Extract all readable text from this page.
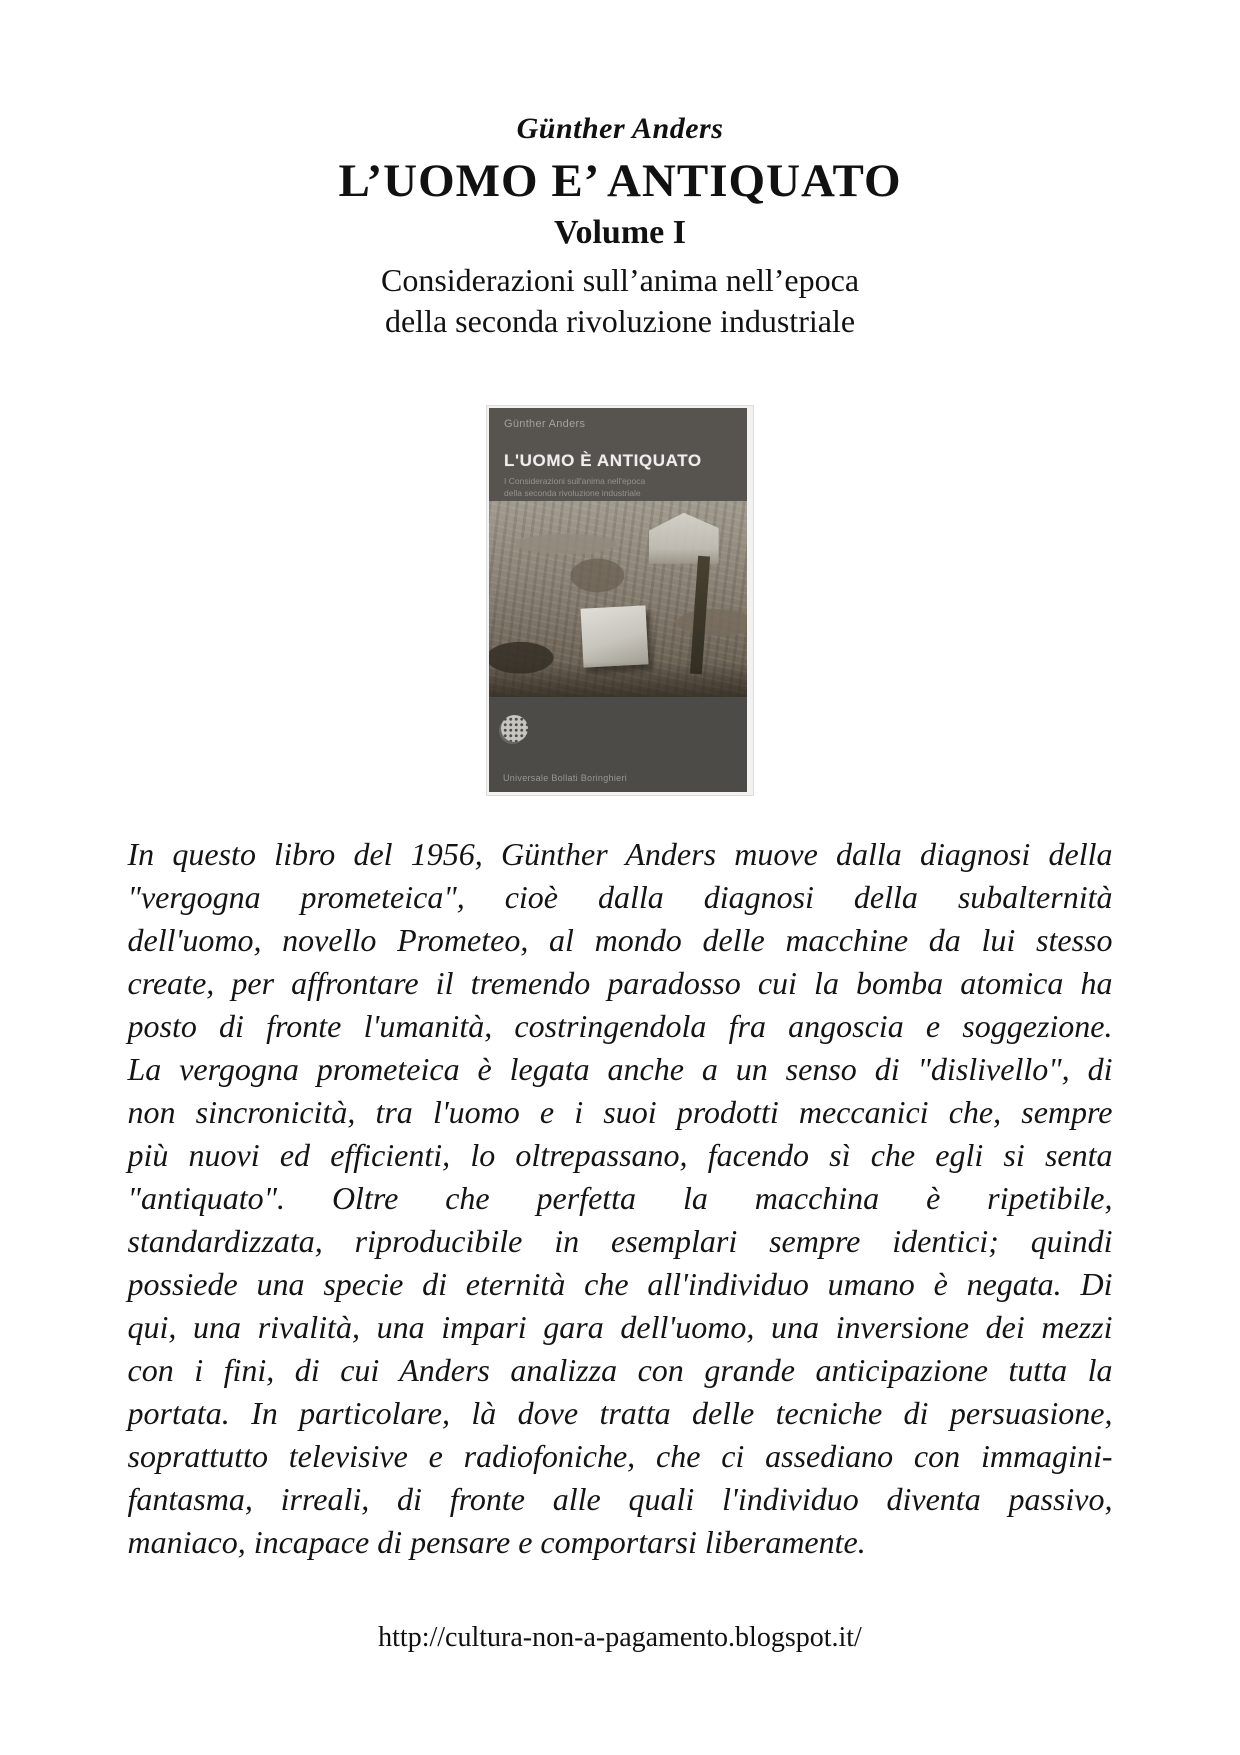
Günther Anders
L’UOMO E’ ANTIQUATO
Volume I
Considerazioni sull’anima nell’epoca
della seconda rivoluzione industriale
Günther Anders
L'UOMO È ANTIQUATO
I Considerazioni sull'anima nell'epoca
della seconda rivoluzione industriale
Universale Bollati Boringhieri
In questo libro del 1956, Günther Anders muove dalla diagnosi della
"vergogna prometeica", cioè dalla diagnosi della subalternità
dell'uomo, novello Prometeo, al mondo delle macchine da lui stesso
create, per affrontare il tremendo paradosso cui la bomba atomica ha
posto di fronte l'umanità, costringendola fra angoscia e soggezione.
La vergogna prometeica è legata anche a un senso di "dislivello", di
non sincronicità, tra l'uomo e i suoi prodotti meccanici che, sempre
più nuovi ed efficienti, lo oltrepassano, facendo sì che egli si senta
"antiquato". Oltre che perfetta la macchina è ripetibile,
standardizzata, riproducibile in esemplari sempre identici; quindi
possiede una specie di eternità che all'individuo umano è negata. Di
qui, una rivalità, una impari gara dell'uomo, una inversione dei mezzi
con i fini, di cui Anders analizza con grande anticipazione tutta la
portata. In particolare, là dove tratta delle tecniche di persuasione,
soprattutto televisive e radiofoniche, che ci assediano con immagini-
fantasma, irreali, di fronte alle quali l'individuo diventa passivo,
maniaco, incapace di pensare e comportarsi liberamente.
http://cultura-non-a-pagamento.blogspot.it/
